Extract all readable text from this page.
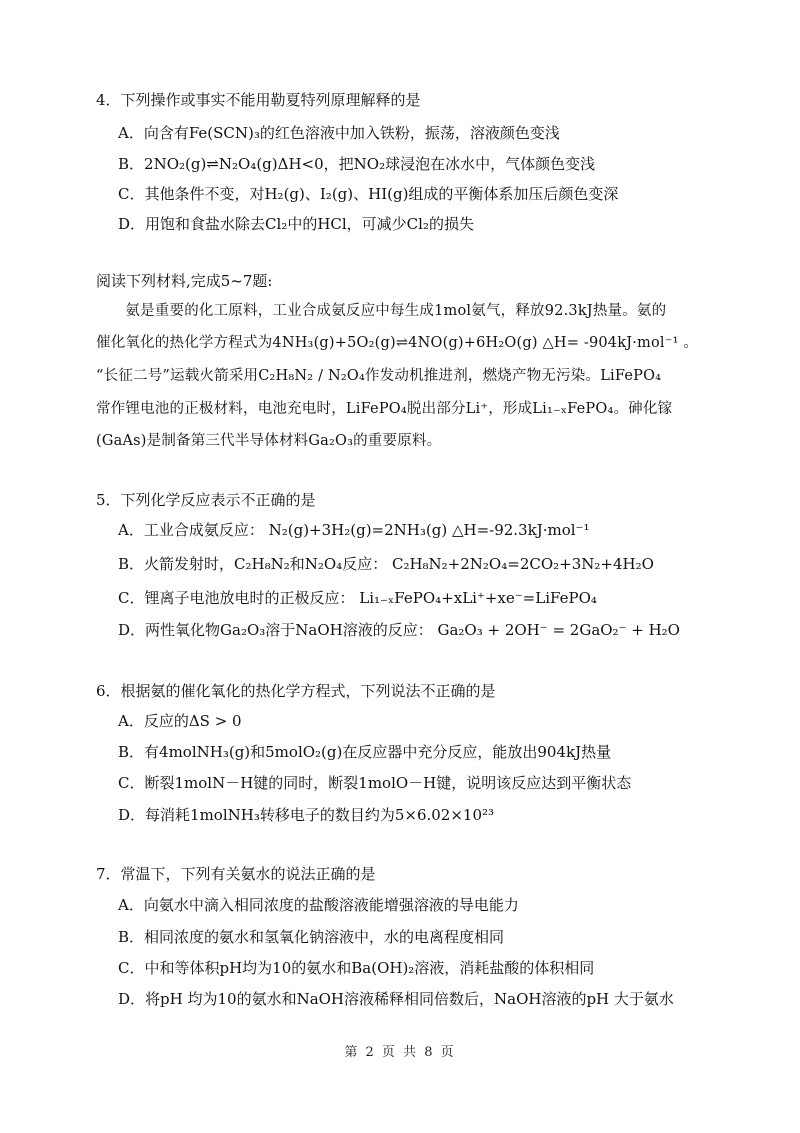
4．下列操作或事实不能用勒夏特列原理解释的是
A．向含有Fe(SCN)₃的红色溶液中加入铁粉，振荡，溶液颜色变浅
B．2NO₂(g)⇌N₂O₄(g)ΔH<0，把NO₂球浸泡在冰水中，气体颜色变浅
C．其他条件不变，对H₂(g)、I₂(g)、HI(g)组成的平衡体系加压后颜色变深
D．用饱和食盐水除去Cl₂中的HCl，可减少Cl₂的损失
阅读下列材料,完成5~7题:
　　氨是重要的化工原料，工业合成氨反应中每生成1mol氨气，释放92.3kJ热量。氨的
催化氧化的热化学方程式为4NH₃(g)+5O₂(g)⇌4NO(g)+6H₂O(g) △H= -904kJ·mol⁻¹ 。
“长征二号”运载火箭采用C₂H₈N₂ / N₂O₄作发动机推进剂，燃烧产物无污染。LiFePO₄
常作锂电池的正极材料，电池充电时，LiFePO₄脱出部分Li⁺，形成Li₁₋ₓFePO₄。砷化镓
(GaAs)是制备第三代半导体材料Ga₂O₃的重要原料。
5．下列化学反应表示不正确的是
A．工业合成氨反应： N₂(g)+3H₂(g)=2NH₃(g) △H=-92.3kJ·mol⁻¹
B．火箭发射时，C₂H₈N₂和N₂O₄反应： C₂H₈N₂+2N₂O₄=2CO₂+3N₂+4H₂O
C．锂离子电池放电时的正极反应： Li₁₋ₓFePO₄+xLi⁺+xe⁻=LiFePO₄
D．两性氧化物Ga₂O₃溶于NaOH溶液的反应： Ga₂O₃ + 2OH⁻ = 2GaO₂⁻ + H₂O
6．根据氨的催化氧化的热化学方程式，下列说法不正确的是
A．反应的ΔS > 0
B．有4molNH₃(g)和5molO₂(g)在反应器中充分反应，能放出904kJ热量
C．断裂1molN－H键的同时，断裂1molO－H键，说明该反应达到平衡状态
D．每消耗1molNH₃转移电子的数目约为5×6.02×10²³
7．常温下，下列有关氨水的说法正确的是
A．向氨水中滴入相同浓度的盐酸溶液能增强溶液的导电能力
B．相同浓度的氨水和氢氧化钠溶液中，水的电离程度相同
C．中和等体积pH均为10的氨水和Ba(OH)₂溶液，消耗盐酸的体积相同
D．将pH 均为10的氨水和NaOH溶液稀释相同倍数后，NaOH溶液的pH 大于氨水
第 2 页 共 8 页
